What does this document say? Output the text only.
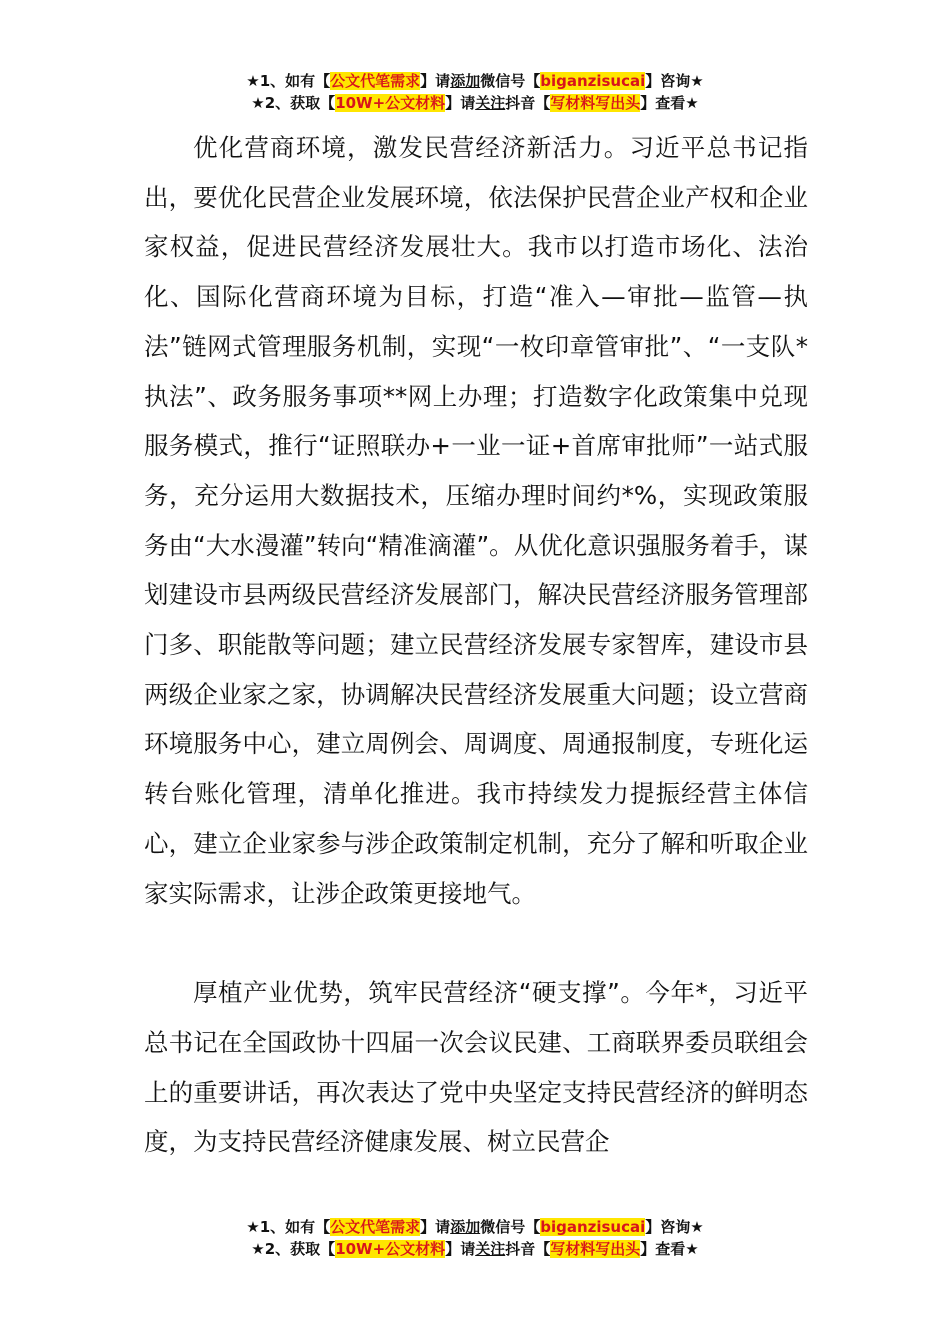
★1、如有【公文代笔需求】请添加微信号【biganzisucai】咨询★
★2、获取【10W+公文材料】请关注抖音【写材料写出头】查看★

优化营商环境，激发民营经济新活力。习近平总书记指出，要优化民营企业发展环境，依法保护民营企业产权和企业家权益，促进民营经济发展壮大。我市以打造市场化、法治化、国际化营商环境为目标，打造“准入—审批—监管—执法”链网式管理服务机制，实现“一枚印章管审批”、“一支队*执法”、政务服务事项**网上办理；打造数字化政策集中兑现服务模式，推行“证照联办+一业一证+首席审批师”一站式服务，充分运用大数据技术，压缩办理时间约*%，实现政策服务由“大水漫灌”转向“精准滴灌”。从优化意识强服务着手，谋划建设市县两级民营经济发展部门，解决民营经济服务管理部门多、职能散等问题；建立民营经济发展专家智库，建设市县两级企业家之家，协调解决民营经济发展重大问题；设立营商环境服务中心，建立周例会、周调度、周通报制度，专班化运转台账化管理，清单化推进。我市持续发力提振经营主体信心，建立企业家参与涉企政策制定机制，充分了解和听取企业家实际需求，让涉企政策更接地气。

厚植产业优势，筑牢民营经济“硬支撑”。今年*，习近平总书记在全国政协十四届一次会议民建、工商联界委员联组会上的重要讲话，再次表达了党中央坚定支持民营经济的鲜明态度，为支持民营经济健康发展、树立民营企

★1、如有【公文代笔需求】请添加微信号【biganzisucai】咨询★
★2、获取【10W+公文材料】请关注抖音【写材料写出头】查看★
